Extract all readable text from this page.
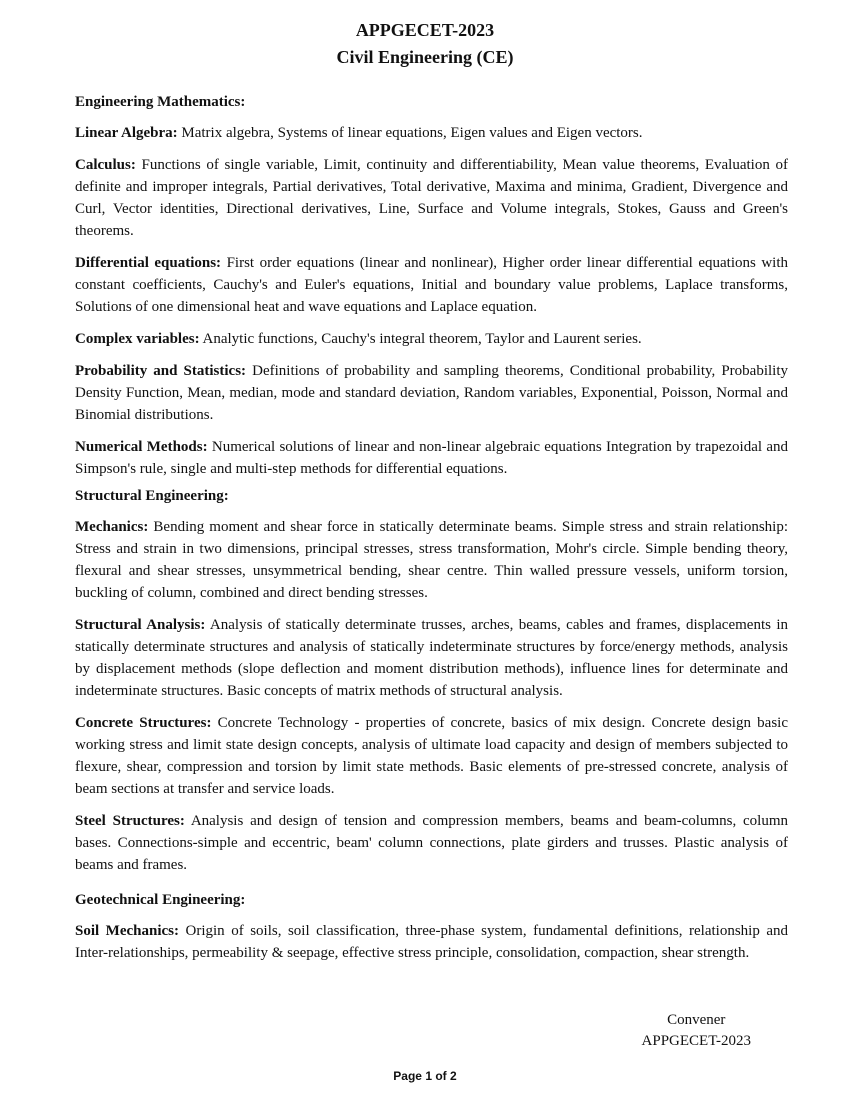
APPGECET-2023
Civil Engineering (CE)
Engineering Mathematics:

Linear Algebra: Matrix algebra, Systems of linear equations, Eigen values and Eigen vectors.

Calculus: Functions of single variable, Limit, continuity and differentiability, Mean value theorems, Evaluation of definite and improper integrals, Partial derivatives, Total derivative, Maxima and minima, Gradient, Divergence and Curl, Vector identities, Directional derivatives, Line, Surface and Volume integrals, Stokes, Gauss and Green's theorems.

Differential equations: First order equations (linear and nonlinear), Higher order linear differential equations with constant coefficients, Cauchy's and Euler's equations, Initial and boundary value problems, Laplace transforms, Solutions of one dimensional heat and wave equations and Laplace equation.

Complex variables: Analytic functions, Cauchy's integral theorem, Taylor and Laurent series.

Probability and Statistics: Definitions of probability and sampling theorems, Conditional probability, Probability Density Function, Mean, median, mode and standard deviation, Random variables, Exponential, Poisson, Normal and Binomial distributions.

Numerical Methods: Numerical solutions of linear and non-linear algebraic equations Integration by trapezoidal and Simpson's rule, single and multi-step methods for differential equations.

Structural Engineering:

Mechanics: Bending moment and shear force in statically determinate beams. Simple stress and strain relationship: Stress and strain in two dimensions, principal stresses, stress transformation, Mohr's circle. Simple bending theory, flexural and shear stresses, unsymmetrical bending, shear centre. Thin walled pressure vessels, uniform torsion, buckling of column, combined and direct bending stresses.

Structural Analysis: Analysis of statically determinate trusses, arches, beams, cables and frames, displacements in statically determinate structures and analysis of statically indeterminate structures by force/energy methods, analysis by displacement methods (slope deflection and moment distribution methods), influence lines for determinate and indeterminate structures. Basic concepts of matrix methods of structural analysis.

Concrete Structures: Concrete Technology - properties of concrete, basics of mix design. Concrete design basic working stress and limit state design concepts, analysis of ultimate load capacity and design of members subjected to flexure, shear, compression and torsion by limit state methods. Basic elements of pre-stressed concrete, analysis of beam sections at transfer and service loads.

Steel Structures: Analysis and design of tension and compression members, beams and beam-columns, column bases. Connections-simple and eccentric, beam' column connections, plate girders and trusses. Plastic analysis of beams and frames.

Geotechnical Engineering:

Soil Mechanics: Origin of soils, soil classification, three-phase system, fundamental definitions, relationship and Inter-relationships, permeability & seepage, effective stress principle, consolidation, compaction, shear strength.

Convener
APPGECET-2023
Page 1 of 2
